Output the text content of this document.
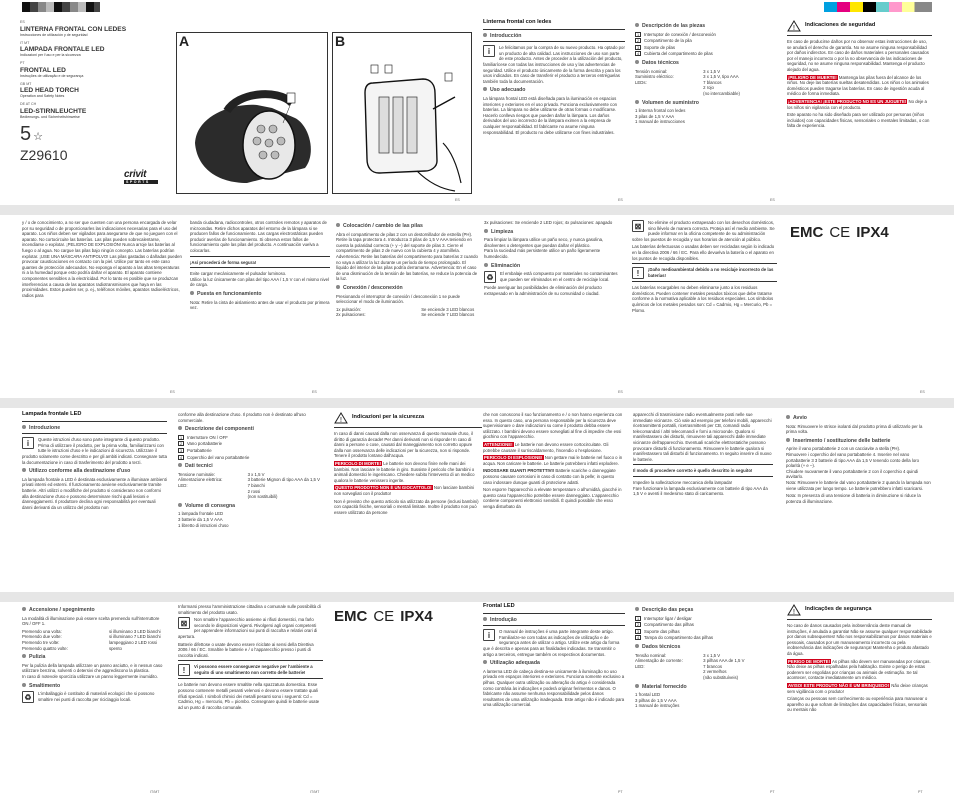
ES
LINTERNA FRONTAL CON LEDES
Instrucciones de utilización y de seguridad
IT MT
LAMPADA FRONTALE LED
Indicazioni per l'uso e per la sicurezza
PT
FRONTAL LED
Instruções de utilização e de segurança
GB MT
LED HEAD TORCH
Operation and Safety Notes
DE AT CH
LED-STIRNLEUCHTE
Bedienungs- und Sicherheitshinweise
5 ☆
Z29610
crivit
SPORTS
A	B
Linterna frontal con ledes
Introducción
i	Le felicitamos por la compra de su nuevo producto. Ha optado por un producto de alta calidad. Las instrucciones de uso son parte de este producto. Antes de proceder a la utilización del producto, familiarícese con todas las instrucciones de uso y las advertencias de seguridad. Utilice el producto únicamente de la forma descrita y para los usos indicados. En caso de transferir el producto a terceros entréguelas también toda la documentación.

Uso adecuado

La lámpara frontal LED está diseñada para la iluminación en espacios interiores y exteriores en el uso privado. Funciona exclusivamente con baterías. La lámpara no debe utilizarse de otras formas o modificarse. Hacerlo conlleva riesgos que pueden dañar la lámpara. Los daños derivados del uso incorrecto de la lámpara eximen a la empresa de cualquier responsabilidad. El fabricante no asume ninguna responsabilidad. El producto no debe utilizarse con fines industriales.

Descripción de las piezas
1 Interruptor de conexión / desconexión
2 Compartimento de la pila
3 Soporte de pilas
4 Cubierta del compartimento de pilas
Datos técnicos
Tensión nominal:	3 x 1,5 V
Suministro eléctrico:	3 x 1,5 V, tipo AAA
LEDs:	7 blancos
2 rojo
(no intercambiable)
Volumen de suministro
1 linterna frontal con ledes
3 pilas de 1,5 V AAA
1 manual de instrucciones
! Indicaciones de seguridad

En caso de producirse daños por no observar estas instrucciones de uso, se anulará el derecho de garantía. No se asume ninguna responsabilidad por daños indirectos. En caso de daños materiales o personales causados por el manejo incorrecto o por la no observancia de las indicaciones de seguridad, no se asume ninguna responsabilidad. Mantenga el producto alejado del agua.

¡PELIGRO DE MUERTE! Mantenga las pilas fuera del alcance de los niños. No deje las baterías sueltas desatendidas. Los niños o los animales domésticos pueden tragarse las baterías. En caso de ingestión acuda al médico de forma inmediata.

¡ADVERTENCIA! ¡ESTE PRODUCTO NO ES UN JUGUETE! No deje a los niños sin vigilancia con el producto.

Este aparato no ha sido diseñado para ser utilizado por personas (niños incluidos) con capacidades físicas, sensoriales o mentales limitadas, o con falta de experiencia.

ES	ES	ES

y / o de conocimiento, a no ser que cuenten con una persona encargada de velar por su seguridad o de proporcionarles las indicaciones necesarias para el uso del aparato. Los niños deben ser vigilados para asegurarse de que no jueguen con el aparato. No cortocircuite las baterías. Las pilas pueden sobrecalentarse, incendiarse o explotar. ¡PELIGRO DE EXPLOSIÓN! Nunca arroje las baterías al fuego o al agua. No cargue las pilas bajo ningún concepto. Las baterías podrían explotar. ¡USE UNA MÁSCARA ANTIPOLVO! Las pilas gastadas o dañadas pueden provocar causticaciones en contacto con la piel. Utilice por tanto en este caso guantes de protección adecuados. No exponga el aparato a las altas temperaturas ni a la humedad porque esto podría dañar el aparato. El aparato contiene componentes sensibles a la electricidad. Por lo tanto es posible que se produzcan interferencias a causa de las aparatos radiotransmisores que haya en las proximidades. Estos pueden ser, p. ej., teléfonos móviles, aparatos radioeléctricos, radios para

banda ciudadana, radiocontroles, otros controles remotos y aparatos de microondas. Retire dichos aparatos del entorno de la lámpara si se producen fallos de funcionamiento. Las cargas electrostáticas pueden producir averías de funcionamiento. Si observa estos fallos de funcionamiento quite las pilas del producto. A continuación vuelva a colocarlas.

¡Así procederá de forma segura!

Evite cargar mecánicamente el pulsador luminoso.
Utilice la luz únicamente con pilas del tipo AAA / 1,5 V con el mismo nivel de carga.
Puesta en funcionamiento

Nota: Retire la cinta de aislamiento antes de usar el producto por primera vez.

Colocación / cambio de las pilas

Abra el compartimento de pilas 2 con un destornillador de estrella (PH). Retire la tapa protectora 4. Introduzca 3 pilas de 1,5 V AAA teniendo en cuenta la polaridad correcta (+ y –) del soporte de pilas 3. Cierre el compartimento de pilas 2 de nuevo con la cubierta 4 y atorníllela. Advertencia: Retire las baterías del compartimento para baterías 2 cuando no vaya a utilizar la luz durante un período de tiempo prolongado. El líquido del interior de las pilas podría derramarse. Advertencia: En el caso de una disminución de la tensión de las baterías, se reduce la potencia de la luz.

Conexión / desconexión

Presionando el interruptor de conexión / desconexión 1 se puede seleccionar el modo de iluminación.

1x pulsación:	Se enciende 3 LED blancos
2x pulsaciones:	Se enciende 7 LED blancos

3x pulsaciones: Se enciende 2 LED rojos; 4x pulsaciones: apagado

Limpieza
Para limpiar la lámpara utilice un paño seco, y nunca gasolina, disolventes o detergentes que puedan dañar el plástico.
Para la suciedad más persistente utilice un paño ligeramente humedecido.
Eliminación
♻	El embalaje está compuesto por materiales no contaminantes que pueden ser eliminados en el centro de reciclaje local.

Puede averiguar las posibilidades de eliminación del producto extrapesado en la administración de su comunidad o ciudad.

⊠	No elimine el producto extrapesado con los desechos domésticos, sino llévelo de manera correcta. Proteja así el medio ambiente. Se puede informar en la oficina competente de su administración sobre los puestos de recogida y sus horarios de atención al público.

Las baterías defectuosas o usadas deben ser recicladas según lo indicado en la directiva 2006 / 66 / EC. Para ello devuelva la batería o el aparato en los puntos de recogida disponibles.

!	¡Daño medioambiental debido a no reciclaje incorrecto de las baterías!

Las baterías recargables no deben eliminarse junto a los residuos domésticos. Pueden contener metales pesados tóxicos que debe tratarse conforme a la normativa aplicable a los residuos especiales. Los símbolos químicos de los metales pesados son: Cd = Cadmio, Hg = Mercurio, Pb = Plomo.

EMC CE IPX4
ES	ES	ES	ES
Lampada frontale LED
Introduzione
i	Queste istruzioni d'uso sono parte integrante di questo prodotto. Prima di utilizzare il prodotto, per la prima volta, familiarizzarsi con tutte le istruzioni d'uso e le indicazioni di sicurezza. Utilizzare il prodotto solamente come descritto e per gli ambiti indicati. Consegnare tutta la documentazione in caso di trasferimento del prodotto a terzi.

Utilizzo conforme alla destinazione d'uso

La lampada frontale a LED è destinata esclusivamente a illuminare ambienti privati interni ed esterni. Il funzionamento avviene esclusivamente tramite batterie. Altri utilizzi o modifiche del prodotto si considerano non conformi alla destinazione d'uso e possono determinare rischi quali lesioni e danneggiamenti. Il produttore declina ogni responsabilità per eventuali danni derivanti da un utilizzo del prodotto non

conforme alla destinazione d'uso. Il prodotto non è destinato all'uso commerciale.

Descrizione dei componenti
1 Interruttore ON / OFF
2 Vano portabatterie
3 Portabatterie
4 Coperchio del vano portabatterie
Dati tecnici
Tensione nominale:	3 x 1,5 V
Alimentazione elettrica:	3 batterie Mignon di tipo AAA da 1,5 V
LED:	7 bianchi
2 rossi
(non sostituibili)
Volume di consegna
1 lampada frontale LED
3 batterie da 1,5 V AAA
1 libretto di istruzioni d'uso
! Indicazioni per la sicurezza

In caso di danni causati dalla non osservanza di questo manuale d'uso, il diritto di garanzia decade! Per danni derivanti non si risponde! In caso di danni a persone o cose, causati dal maneggiamento non corretto oppure dalla non osservanza delle indicazioni per la sicurezza, non si risponde. Tenere il prodotto lontano dall'acqua.

PERICOLO DI MORTE! Le batterie non devono finire nelle mani dei bambini. Non lasciare le batterie in giro. Sussiste il pericolo che bambini o animali domestici le ingeriscano. Chiedere subito l'intervento di un medico qualora le batterie venissero ingerite.

QUESTO PRODOTTO NON È UN GIOCATTOLO! Non lasciare bambini non sorvegliati con il prodotto!

Non è previsto che questo articolo sia utilizzato da persone (inclusi bambini) con capacità fisiche, sensoriali o mentali limitate. Inoltre il prodotto non può essere utilizzato da persone

che non conoscono il suo funzionamento e / o non hanno esperienza con esso. In questo caso, una persona responsabile per la sicurezza deve supervisionare o dare indicazioni su come il prodotto debba essere utilizzato. I bambini devono essere sorvegliati al fine di impedire che essi giochino con l'apparecchio.

ATTENZIONE! Le batterie non devono essere cortocircuitate. Gli potrebbe causare il surriscaldamento, l'incendio o l'esplosione.

PERICOLO DI ESPLOSIONE! Non gettare mai le batterie nel fuoco o in acqua. Non caricare le batterie. Le batterie potrebbero infatti esplodere.

INDOSSARE GUANTI PROTETTIVI! Batterie scariche o danneggiate possono causare corrosioni in caso di contatto con la pelle; in questo caso indossare dunque guanti di protezione adatti.

Non esporre l'apparecchio a elevate temperature o all'umidità, giacché in questo caso l'apparecchio potrebbe essere danneggiato. L'apparecchio contiene componenti elettronici sensibili. È quindi possibile che esso venga disturbato da

apparecchi di trasmissione radio eventualmente posti nelle sue immediate vicinanze. Ciò vale ad esempio per telefoni mobili, apparecchi ricetrasmittenti portatili, ricetrasmittenti per CB, comandi radio telecomandati / altri telecomandi e forni a microonde. Qualora si manifestassero dei disturbi, rimuovere tali apparecchi dalle immediate vicinanze dell'apparecchio. Eventuali scariche elettrostatiche possono provocare disturbi di funzionamento. Rimuovere le batterie qualora si manifestassero tali disturbi di funzionamento. In seguito inserire di nuovo le batterie.

Il modo di procedere corretto è quello descritto in seguito!

Impedire la sollecitazione meccanica della lampada!
Fare funzionare la lampada esclusivamente con batterie di tipo AAA da 1,5 V e aventi il medesimo stato di caricamento.
Avvio

Nota: Rimuovere le strisce isolanti dal prodotto prima di utilizzarlo per la prima volta.

Inserimento / sostituzione delle batterie
Aprire il vano portabatterie 2 con un cacciavite a stella (PH).
Rimuovere i coperchio del vano portabatterie 4. Inserire nel vano portabatterie 3 3 batterie di tipo AAA da 1,5 V tenendo conto della loro polarità (+ e –).
Chiudere nuovamente il vano portabatterie 2 con il coperchio 4 quindi avvitarlo.

Nota: Rimuovere le batterie dal vano portabatterie 2 quando la lampada non viene utilizzata per lungo tempo. Le batterie potrebbero infatti scaricarsi.

Nota: In presenza di una tensione di batteria in diminuzione si riduce la potenza di illuminazione.

Accensione / spegnimento

La modalità di illuminazione può essere scelta premendo sull'interruttore ON / OFF 1.

Premendo una volta:	si illuminano 3 LED bianchi
Premendo due volte:	si illuminano 7 LED bianchi
Premendo tre volte:	lampeggiano 2 LED rossi
Premendo quattro volte:	spento
Pulizia
Per la pulizia della lampada utilizzare un panno asciutto, e in nessun caso utilizzare benzina, solventi o detersivi che aggrediscono la plastica.
In caso di notevole sporcizia utilizzare un panno leggermente inumidito.
Smaltimento
♻	L'imballaggio è costituito di materiali ecologici che si possono smaltire nei punti di raccolta per riciclaggio locali.

Informarsi presso l'amministrazione cittadina o comunale sulle possibilità di smaltimento del prodotto usato.

⊠	Non smaltire l'apparecchio assieme ai rifiuti domestici, ma farlo secondo le disposizioni vigenti. Rivolgersi agli organi competenti per apprendere informazioni sui punti di raccolta e relativi orari di apertura.

Batterie difettose o usate devono essere riciclate ai sensi della Direttiva 2006 / 66 / EC. Smaltire le batterie e / o l'apparecchio presso i punti di raccolta indicati.

!	Vi possono essere conseguenze negative per l'ambiente a seguito di uno smaltimento non corretto delle batterie!

Le batterie non devono essere smaltite nella spazzatura domestica. Esse possono contenere metalli pesanti velenosi e devono essere trattate quali rifiuti speciali. I simboli chimici dei metalli pesanti sono i seguenti: Cd = Cadmio, Hg = mercurio, Pb = piombo. Consegnare quindi le batterie usate ad un punto di raccolta comunale.

EMC CE IPX4
Frontal LED
Introdução
i	O manual de instruções é uma parte integrante deste artigo. Familiarize-se com todas as indicações de utilização e de segurança antes de utilizar o artigo. Utilize este artigo da forma que é descrita e apenas para as finalidades indicadas. Se transmitir o artigo a terceiros, entregue também os respectivos documentos.

Utilização adequada

A lanterna LED de cabeça destina-se unicamente à iluminação no uso privado em espaços interiores e exteriores. Funciona somente exclusivo a pilhas. Qualquer outra utilização ou alteração do artigo é considerada como contrária às indicações e poderá originar ferimentos e danos. O fabricante não assume nenhuma responsabilidade pelos danos resultantes de uma utilização inadequada. Este artigo não é indicado para uma utilização comercial.

Descrição das peças
1 Interruptor ligar / desligar
2 Compartimento das pilhas
3 Suporte das pilhas
4 Tampa do compartimento das pilhas
Dados técnicos
Tensão nominal:	3 x 1,5 V
Alimentação de corrente:	3 pilhas AAA de 1,5 V
LED:	7 brancos
2 vermelhos
(não substituíveis)
Material fornecido
1 frontal LED
3 pilhas de 1,5 V AAA
1 manual de instruções
! Indicações de segurança

No caso de danos causados pela inobservância deste manual de instruções, é anulada a garantia! Não se assume qualquer responsabilidade por danos subsequentes! Não nos responsabilizamos por danos materiais e pessoais, causados por um manuseamento incorrecto ou pela inobservância das indicações de segurança! Mantenha o produto afastado da água.

PERIGO DE MORTE! As pilhas não devem ser manuseadas por crianças. Não deixe as pilhas espalhadas pela habitação. Existe o perigo de estas poderem ser engolidas por crianças ou animais de estimação. Se tal acontecer, contacte imediatamente um médico.

AVISO! ESTE PRODUTO NÃO É UM BRINQUEDO! Não deixe crianças sem vigilância com o produto!

Crianças ou pessoas sem conhecimento ou experiência para manusear o aparelho ou que sofram de limitações das capacidades físicas, sensoriais ou mentais não

IT/MT	IT/MT	PT	PT	PT
